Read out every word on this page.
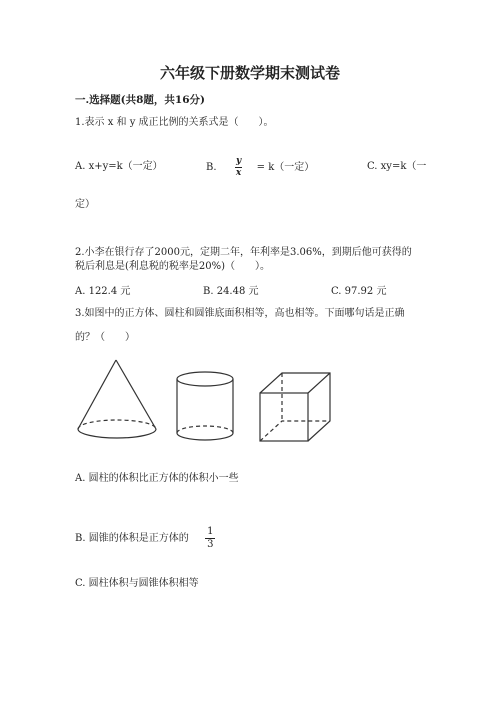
六年级下册数学期末测试卷
一.选择题(共8题，共16分)
1.表示 x 和 y 成正比例的关系式是（　　）。
A. x+y=k（一定）	B. $\frac{y}{x} = k$（一定）	C. xy=k（一
定）
2.小李在银行存了2000元，定期二年，年利率是3.06%，到期后他可获得的
税后利息是(利息税的税率是20%)（　　）。
A. 122.4 元	B. 24.48 元	C. 97.92 元
3.如图中的正方体、圆柱和圆锥底面积相等，高也相等。下面哪句话是正确
的？（　　）
A. 圆柱的体积比正方体的体积小一些
B. 圆锥的体积是正方体的 $\frac{1}{3}$
C. 圆柱体积与圆锥体积相等
